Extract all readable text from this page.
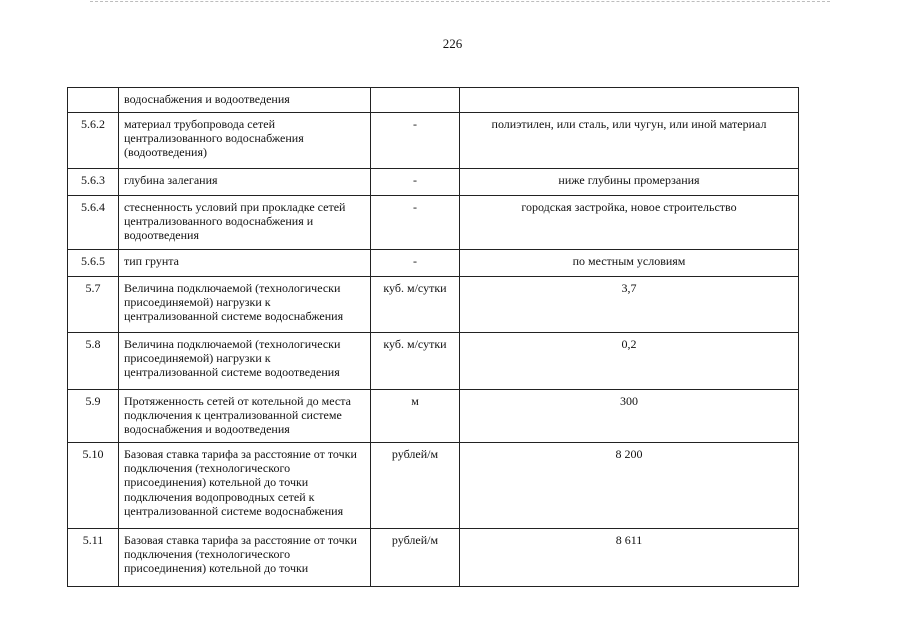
226
	водоснабжения и водоотведения		
5.6.2	материал трубопровода сетей централизованного водоснабжения (водоотведения)	-	полиэтилен, или сталь, или чугун, или иной материал
5.6.3	глубина залегания	-	ниже глубины промерзания
5.6.4	стесненность условий при прокладке сетей централизованного водоснабжения и водоотведения	-	городская застройка, новое строительство
5.6.5	тип грунта	-	по местным условиям
5.7	Величина подключаемой (технологически присоединяемой) нагрузки к централизованной системе водоснабжения	куб. м/сутки	3,7
5.8	Величина подключаемой (технологически присоединяемой) нагрузки к централизованной системе водоотведения	куб. м/сутки	0,2
5.9	Протяженность сетей от котельной до места подключения к централизованной системе водоснабжения и водоотведения	м	300
5.10	Базовая ставка тарифа за расстояние от точки подключения (технологического присоединения) котельной до точки подключения водопроводных сетей к централизованной системе водоснабжения	рублей/м	8 200
5.11	Базовая ставка тарифа за расстояние от точки подключения (технологического присоединения) котельной до точки	рублей/м	8 611
